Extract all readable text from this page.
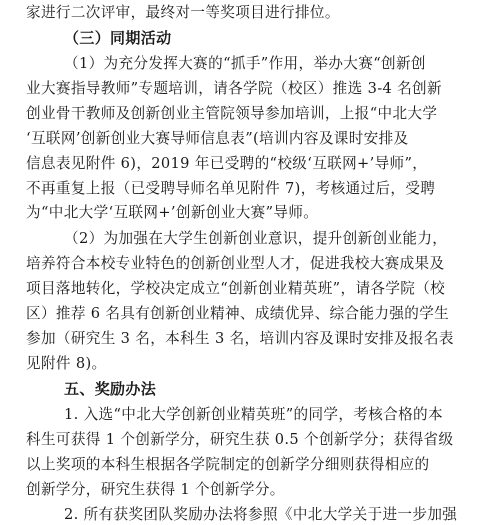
家进行二次评审，最终对一等奖项目进行排位。
（三）同期活动
（1）为充分发挥大赛的“抓手”作用，举办大赛“创新创
业大赛指导教师”专题培训，请各学院（校区）推选 3-4 名创新
创业骨干教师及创新创业主管院领导参加培训，上报“中北大学
‘互联网’创新创业大赛导师信息表”(培训内容及课时安排及
信息表见附件 6)，2019 年已受聘的“校级‘互联网+’导师”，
不再重复上报（已受聘导师名单见附件 7)，考核通过后，受聘
为“中北大学‘互联网+’创新创业大赛”导师。
（2）为加强在大学生创新创业意识，提升创新创业能力，
培养符合本校专业特色的创新创业型人才，促进我校大赛成果及
项目落地转化，学校决定成立“创新创业精英班”，请各学院（校
区）推荐 6 名具有创新创业精神、成绩优异、综合能力强的学生
参加（研究生 3 名，本科生 3 名，培训内容及课时安排及报名表
见附件 8)。
五、奖励办法
1. 入选“中北大学创新创业精英班”的同学，考核合格的本
科生可获得 1 个创新学分，研究生获 0.5 个创新学分；获得省级
以上奖项的本科生根据各学院制定的创新学分细则获得相应的
创新学分，研究生获得 1 个创新学分。
2. 所有获奖团队奖励办法将参照《中北大学关于进一步加强
